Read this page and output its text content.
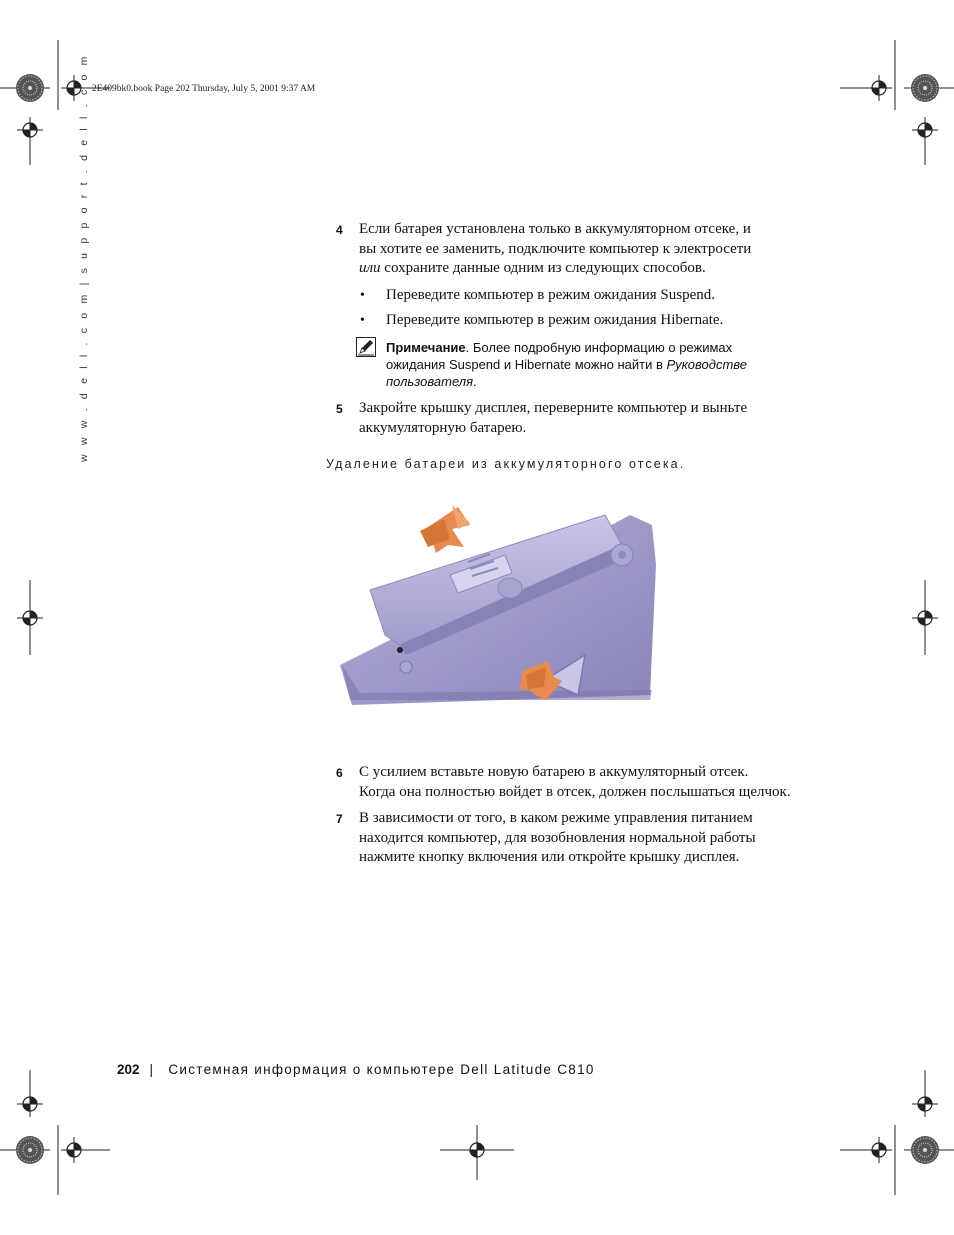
2E409bk0.book Page 202 Thursday, July 5, 2001 9:37 AM
w w w . d e l l . c o m | s u p p o r t . d e l l . c o m	4 Если батарея установлена только в аккумуляторном отсеке, и
вы хотите ее заменить, подключите компьютер к электросети
или сохраните данные одним из следующих способов.
• Переведите компьютер в режим ожидания Suspend.
• Переведите компьютер в режим ожидания Hibernate.
Примечание. Более подробную информацию о режимах
ожидания Suspend и Hibernate можно найти в Руководстве
пользователя.
5 Закройте крышку дисплея, переверните компьютер и выньте
аккумуляторную батарею.
Удаление батареи из аккумуляторного отсека.
6 С усилием вставьте новую батарею в аккумуляторный отсек.
Когда она полностью войдет в отсек, должен послышаться щелчок.
7 В зависимости от того, в каком режиме управления питанием
находится компьютер, для возобновления нормальной работы
нажмите кнопку включения или откройте крышку дисплея.
202 | Системная информация о компьютере Dell Latitude C810
